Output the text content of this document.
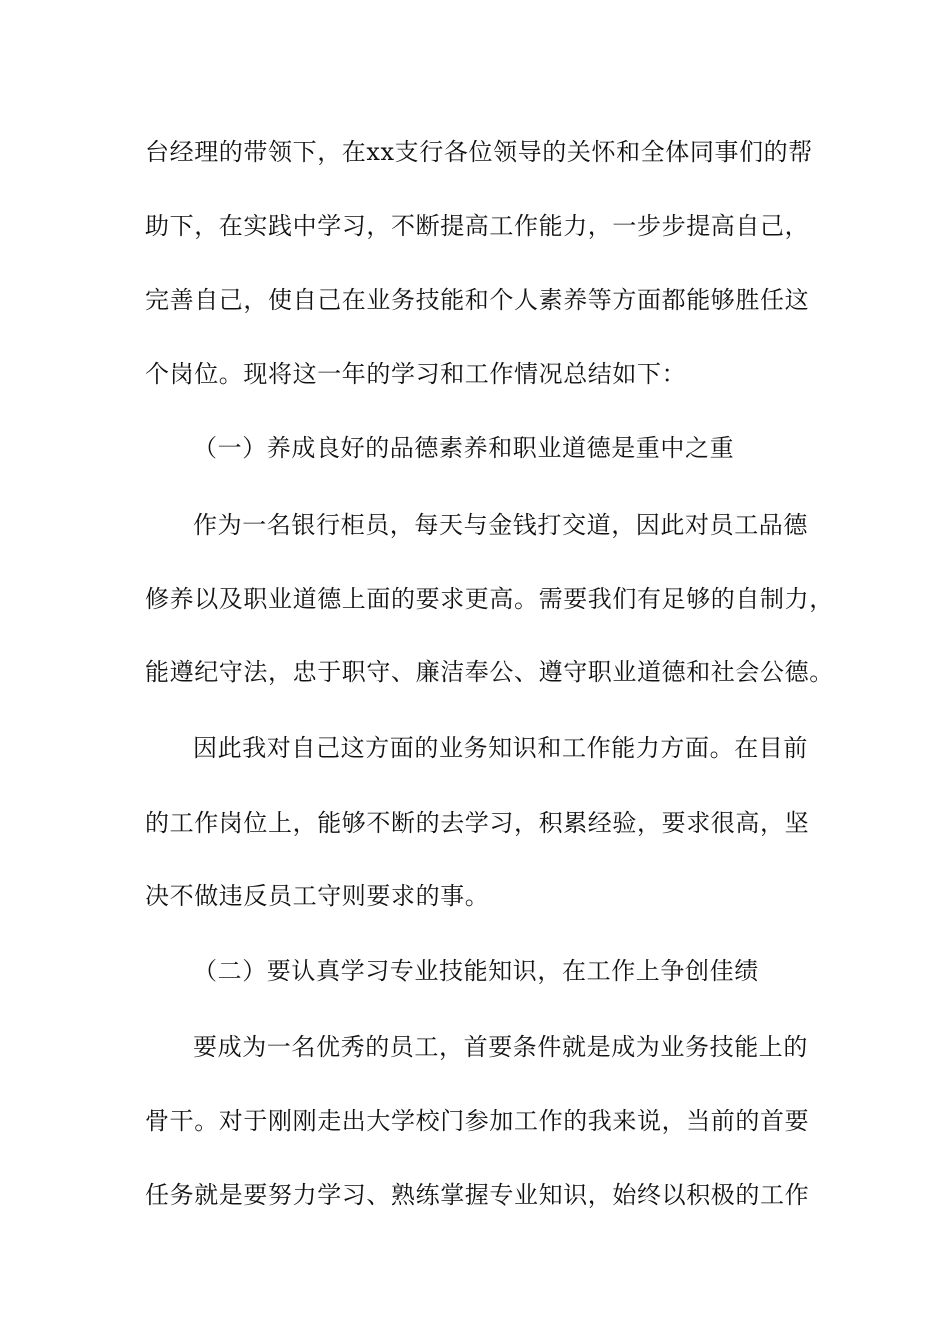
台经理的带领下，在xx支行各位领导的关怀和全体同事们的帮
助下，在实践中学习，不断提高工作能力，一步步提高自己，
完善自己，使自己在业务技能和个人素养等方面都能够胜任这
个岗位。现将这一年的学习和工作情况总结如下：
（一）养成良好的品德素养和职业道德是重中之重
作为一名银行柜员，每天与金钱打交道，因此对员工品德
修养以及职业道德上面的要求更高。需要我们有足够的自制力，
能遵纪守法，忠于职守、廉洁奉公、遵守职业道德和社会公德。
因此我对自己这方面的业务知识和工作能力方面。在目前
的工作岗位上，能够不断的去学习，积累经验，要求很高，坚
决不做违反员工守则要求的事。
（二）要认真学习专业技能知识，在工作上争创佳绩
要成为一名优秀的员工，首要条件就是成为业务技能上的
骨干。对于刚刚走出大学校门参加工作的我来说，当前的首要
任务就是要努力学习、熟练掌握专业知识，始终以积极的工作
